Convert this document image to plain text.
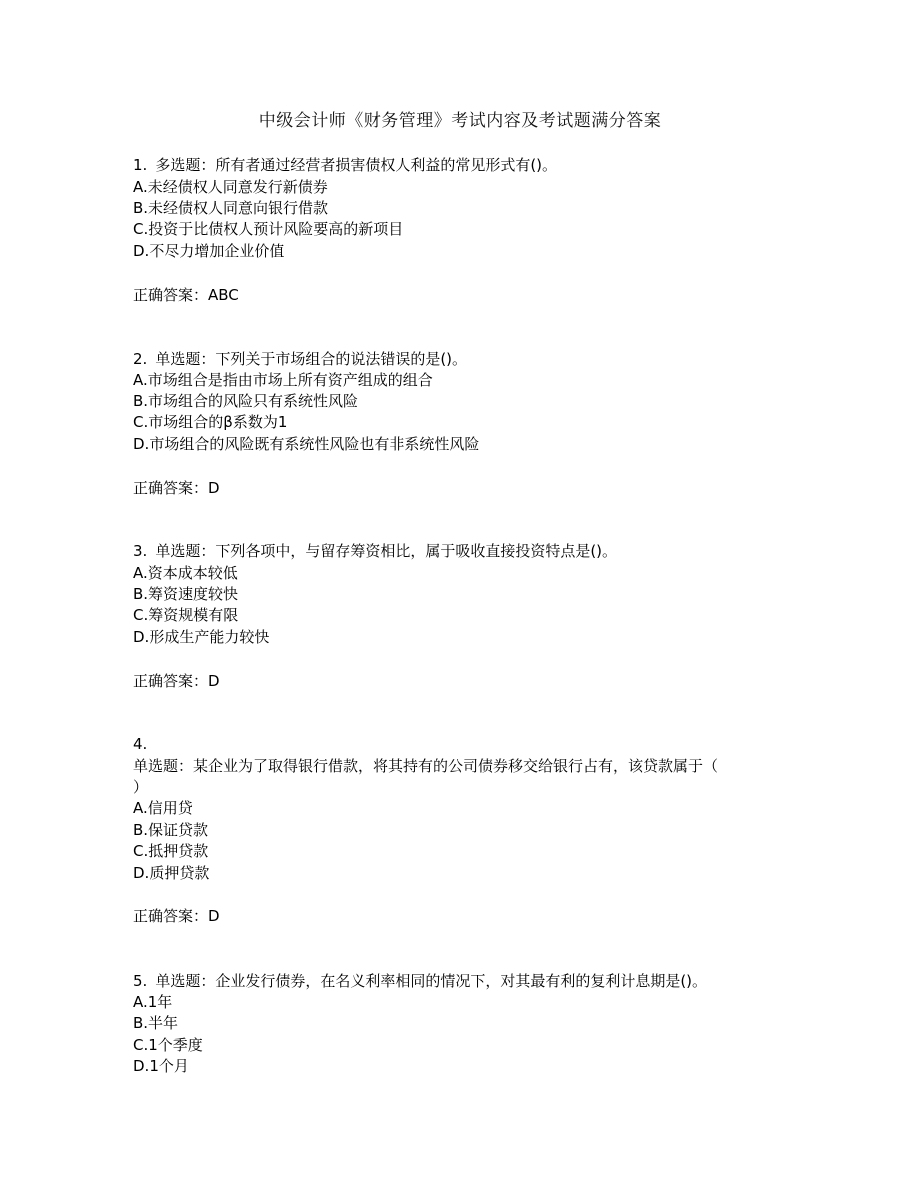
中级会计师《财务管理》考试内容及考试题满分答案
1. 多选题：所有者通过经营者损害债权人利益的常见形式有()。
A.未经债权人同意发行新债券
B.未经债权人同意向银行借款
C.投资于比债权人预计风险要高的新项目
D.不尽力增加企业价值
正确答案：ABC
2. 单选题：下列关于市场组合的说法错误的是()。
A.市场组合是指由市场上所有资产组成的组合
B.市场组合的风险只有系统性风险
C.市场组合的β系数为1
D.市场组合的风险既有系统性风险也有非系统性风险
正确答案：D
3. 单选题：下列各项中，与留存筹资相比，属于吸收直接投资特点是()。
A.资本成本较低
B.筹资速度较快
C.筹资规模有限
D.形成生产能力较快
正确答案：D
4.
单选题：某企业为了取得银行借款，将其持有的公司债券移交给银行占有，该贷款属于（
）
A.信用贷
B.保证贷款
C.抵押贷款
D.质押贷款
正确答案：D
5. 单选题：企业发行债券，在名义利率相同的情况下，对其最有利的复利计息期是()。
A.1年
B.半年
C.1个季度
D.1个月
